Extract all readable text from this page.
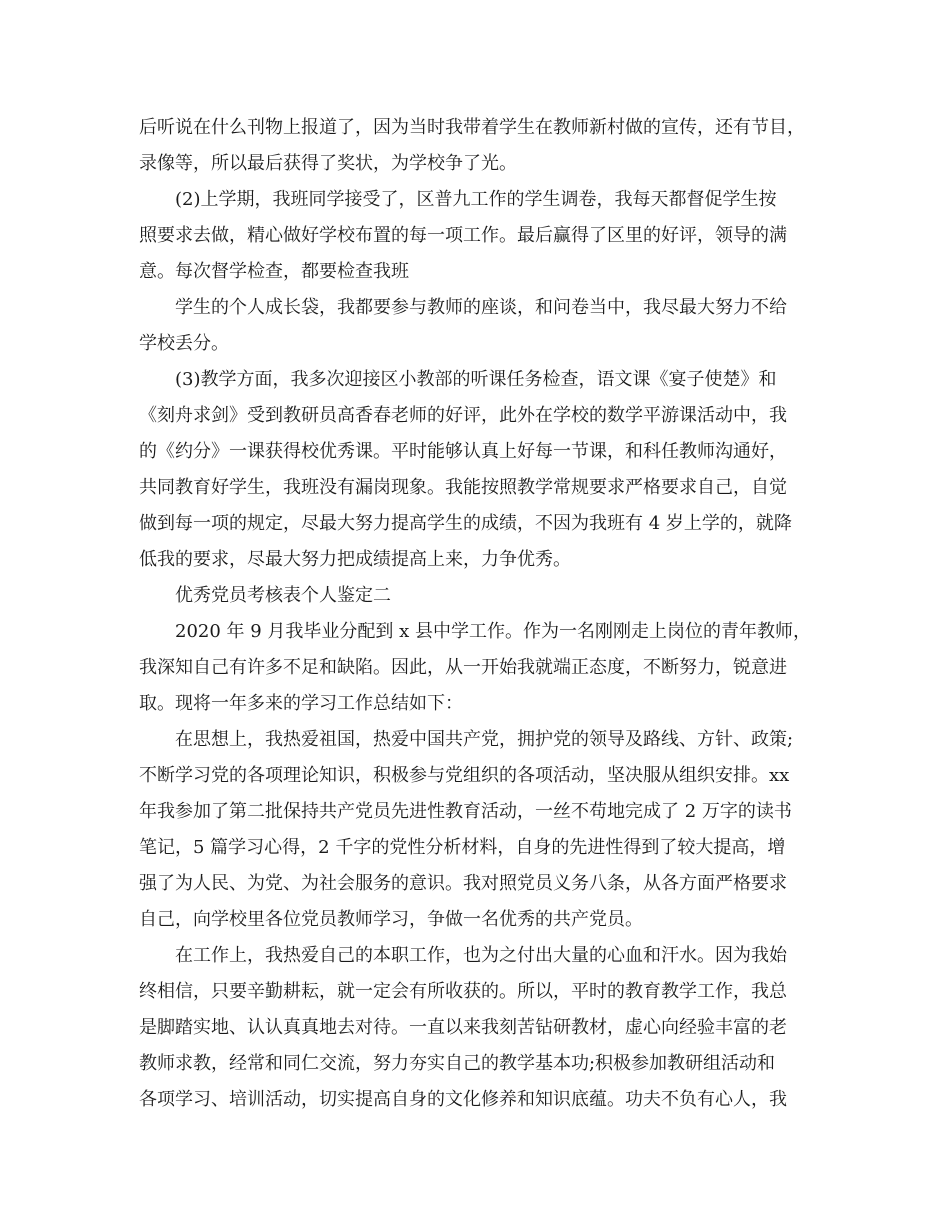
后听说在什么刊物上报道了，因为当时我带着学生在教师新村做的宣传，还有节目，
录像等，所以最后获得了奖状，为学校争了光。
(2)上学期，我班同学接受了，区普九工作的学生调卷，我每天都督促学生按
照要求去做，精心做好学校布置的每一项工作。最后赢得了区里的好评，领导的满
意。每次督学检查，都要检查我班
学生的个人成长袋，我都要参与教师的座谈，和问卷当中，我尽最大努力不给
学校丢分。
(3)教学方面，我多次迎接区小教部的听课任务检查，语文课《宴子使楚》和
《刻舟求剑》受到教研员高香春老师的好评，此外在学校的数学平游课活动中，我
的《约分》一课获得校优秀课。平时能够认真上好每一节课，和科任教师沟通好，
共同教育好学生，我班没有漏岗现象。我能按照教学常规要求严格要求自己，自觉
做到每一项的规定，尽最大努力提高学生的成绩，不因为我班有 4 岁上学的，就降
低我的要求，尽最大努力把成绩提高上来，力争优秀。
优秀党员考核表个人鉴定二
2020 年 9 月我毕业分配到 x 县中学工作。作为一名刚刚走上岗位的青年教师，
我深知自己有许多不足和缺陷。因此，从一开始我就端正态度，不断努力，锐意进
取。现将一年多来的学习工作总结如下：
在思想上，我热爱祖国，热爱中国共产党，拥护党的领导及路线、方针、政策;
不断学习党的各项理论知识，积极参与党组织的各项活动，坚决服从组织安排。xx
年我参加了第二批保持共产党员先进性教育活动，一丝不苟地完成了 2 万字的读书
笔记，5 篇学习心得，2 千字的党性分析材料，自身的先进性得到了较大提高，增
强了为人民、为党、为社会服务的意识。我对照党员义务八条，从各方面严格要求
自己，向学校里各位党员教师学习，争做一名优秀的共产党员。
在工作上，我热爱自己的本职工作，也为之付出大量的心血和汗水。因为我始
终相信，只要辛勤耕耘，就一定会有所收获的。所以，平时的教育教学工作，我总
是脚踏实地、认认真真地去对待。一直以来我刻苦钻研教材，虚心向经验丰富的老
教师求教，经常和同仁交流，努力夯实自己的教学基本功;积极参加教研组活动和
各项学习、培训活动，切实提高自身的文化修养和知识底蕴。功夫不负有心人，我
